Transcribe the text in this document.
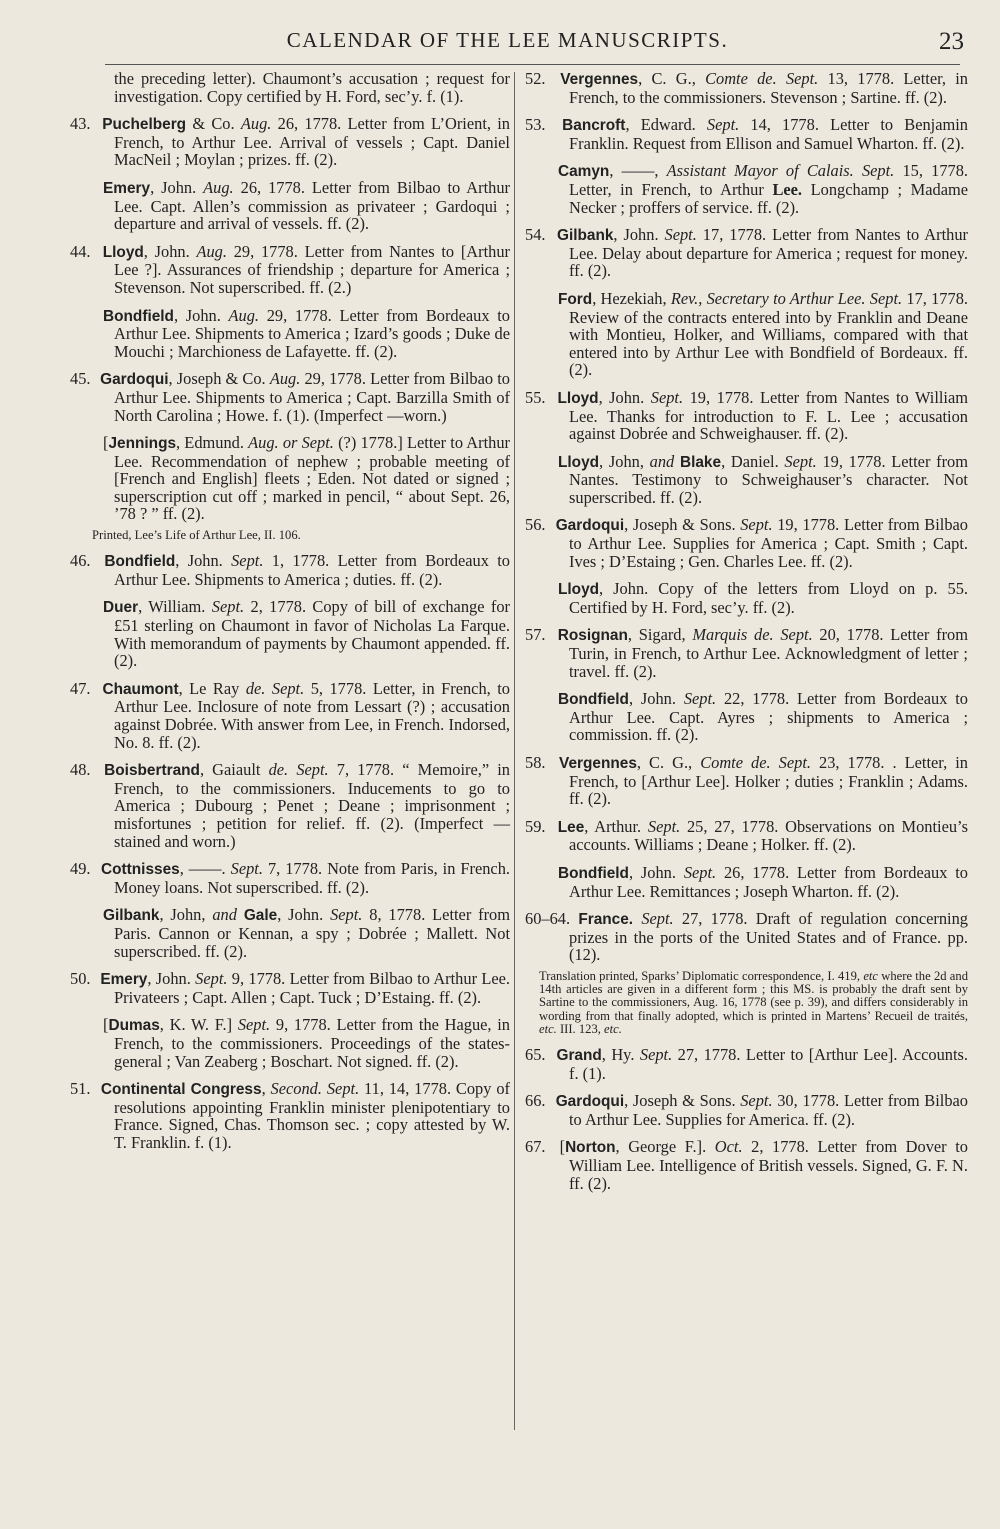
CALENDAR OF THE LEE MANUSCRIPTS.	23
the preceding letter). Chaumont’s accusation ; request for investigation. Copy certified by H. Ford, sec’y. f. (1).
43. Puchelberg & Co. Aug. 26, 1778. Letter from L’Orient, in French, to Arthur Lee. Arrival of vessels ; Capt. Daniel MacNeil ; Moylan ; prizes. ff. (2).
Emery, John. Aug. 26, 1778. Letter from Bilbao to Arthur Lee. Capt. Allen’s commission as privateer ; Gardoqui ; departure and arrival of vessels. ff. (2).
44. Lloyd, John. Aug. 29, 1778. Letter from Nantes to [Arthur Lee ?]. Assurances of friendship ; departure for America ; Stevenson. Not superscribed. ff. (2.)
Bondfield, John. Aug. 29, 1778. Letter from Bordeaux to Arthur Lee. Shipments to America ; Izard’s goods ; Duke de Mouchi ; Marchioness de Lafayette. ff. (2).
45. Gardoqui, Joseph & Co. Aug. 29, 1778. Letter from Bilbao to Arthur Lee. Shipments to America ; Capt. Barzilla Smith of North Carolina ; Howe. f. (1). (Imperfect —worn.)
[Jennings, Edmund. Aug. or Sept. (?) 1778.] Letter to Arthur Lee. Recommendation of nephew ; probable meeting of [French and English] fleets ; Eden. Not dated or signed ; superscription cut off ; marked in pencil, “ about Sept. 26, ’78 ? ” ff. (2).
Printed, Lee’s Life of Arthur Lee, II. 106.
46. Bondfield, John. Sept. 1, 1778. Letter from Bordeaux to Arthur Lee. Shipments to America ; duties. ff. (2).
Duer, William. Sept. 2, 1778. Copy of bill of exchange for £51 sterling on Chaumont in favor of Nicholas La Farque. With memorandum of payments by Chaumont appended. ff. (2).
47. Chaumont, Le Ray de. Sept. 5, 1778. Letter, in French, to Arthur Lee. Inclosure of note from Lessart (?) ; accusation against Dobrée. With answer from Lee, in French. Indorsed, No. 8. ff. (2).
48. Boisbertrand, Gaiault de. Sept. 7, 1778. “ Memoire,” in French, to the commissioners. Inducements to go to America ; Dubourg ; Penet ; Deane ; imprisonment ; misfortunes ; petition for relief. ff. (2). (Imperfect — stained and worn.)
49. Cottnisses, ——. Sept. 7, 1778. Note from Paris, in French. Money loans. Not superscribed. ff. (2).
Gilbank, John, and Gale, John. Sept. 8, 1778. Letter from Paris. Cannon or Kennan, a spy ; Dobrée ; Mallett. Not superscribed. ff. (2).
50. Emery, John. Sept. 9, 1778. Letter from Bilbao to Arthur Lee. Privateers ; Capt. Allen ; Capt. Tuck ; D’Estaing. ff. (2).
[Dumas, K. W. F.] Sept. 9, 1778. Letter from the Hague, in French, to the commissioners. Proceedings of the states-general ; Van Zeaberg ; Boschart. Not signed. ff. (2).
51. Continental Congress, Second. Sept. 11, 14, 1778. Copy of resolutions appointing Franklin minister plenipotentiary to France. Signed, Chas. Thomson sec. ; copy attested by W. T. Franklin. f. (1).
52. Vergennes, C. G., Comte de. Sept. 13, 1778. Letter, in French, to the commissioners. Stevenson ; Sartine. ff. (2).
53. Bancroft, Edward. Sept. 14, 1778. Letter to Benjamin Franklin. Request from Ellison and Samuel Wharton. ff. (2).
Camyn, ——, Assistant Mayor of Calais. Sept. 15, 1778. Letter, in French, to Arthur Lee. Longchamp ; Madame Necker ; proffers of service. ff. (2).
54. Gilbank, John. Sept. 17, 1778. Letter from Nantes to Arthur Lee. Delay about departure for America ; request for money. ff. (2).
Ford, Hezekiah, Rev., Secretary to Arthur Lee. Sept. 17, 1778. Review of the contracts entered into by Franklin and Deane with Montieu, Holker, and Williams, compared with that entered into by Arthur Lee with Bondfield of Bordeaux. ff. (2).
55. Lloyd, John. Sept. 19, 1778. Letter from Nantes to William Lee. Thanks for introduction to F. L. Lee ; accusation against Dobrée and Schweighauser. ff. (2).
Lloyd, John, and Blake, Daniel. Sept. 19, 1778. Letter from Nantes. Testimony to Schweighauser’s character. Not superscribed. ff. (2).
56. Gardoqui, Joseph & Sons. Sept. 19, 1778. Letter from Bilbao to Arthur Lee. Supplies for America ; Capt. Smith ; Capt. Ives ; D’Estaing ; Gen. Charles Lee. ff. (2).
Lloyd, John. Copy of the letters from Lloyd on p. 55. Certified by H. Ford, sec’y. ff. (2).
57. Rosignan, Sigard, Marquis de. Sept. 20, 1778. Letter from Turin, in French, to Arthur Lee. Acknowledgment of letter ; travel. ff. (2).
Bondfield, John. Sept. 22, 1778. Letter from Bordeaux to Arthur Lee. Capt. Ayres ; shipments to America ; commission. ff. (2).
58. Vergennes, C. G., Comte de. Sept. 23, 1778. . Letter, in French, to [Arthur Lee]. Holker ; duties ; Franklin ; Adams. ff. (2).
59. Lee, Arthur. Sept. 25, 27, 1778. Observations on Montieu’s accounts. Williams ; Deane ; Holker. ff. (2).
Bondfield, John. Sept. 26, 1778. Letter from Bordeaux to Arthur Lee. Remittances ; Joseph Wharton. ff. (2).
60–64. France. Sept. 27, 1778. Draft of regulation concerning prizes in the ports of the United States and of France. pp. (12).
Translation printed, Sparks’ Diplomatic correspondence, I. 419, etc where the 2d and 14th articles are given in a different form ; this MS. is probably the draft sent by Sartine to the commissioners, Aug. 16, 1778 (see p. 39), and differs considerably in wording from that finally adopted, which is printed in Martens’ Recueil de traités, etc. III. 123, etc.
65. Grand, Hy. Sept. 27, 1778. Letter to [Arthur Lee]. Accounts. f. (1).
66. Gardoqui, Joseph & Sons. Sept. 30, 1778. Letter from Bilbao to Arthur Lee. Supplies for America. ff. (2).
67. [Norton, George F.]. Oct. 2, 1778. Letter from Dover to William Lee. Intelligence of British vessels. Signed, G. F. N. ff. (2).
